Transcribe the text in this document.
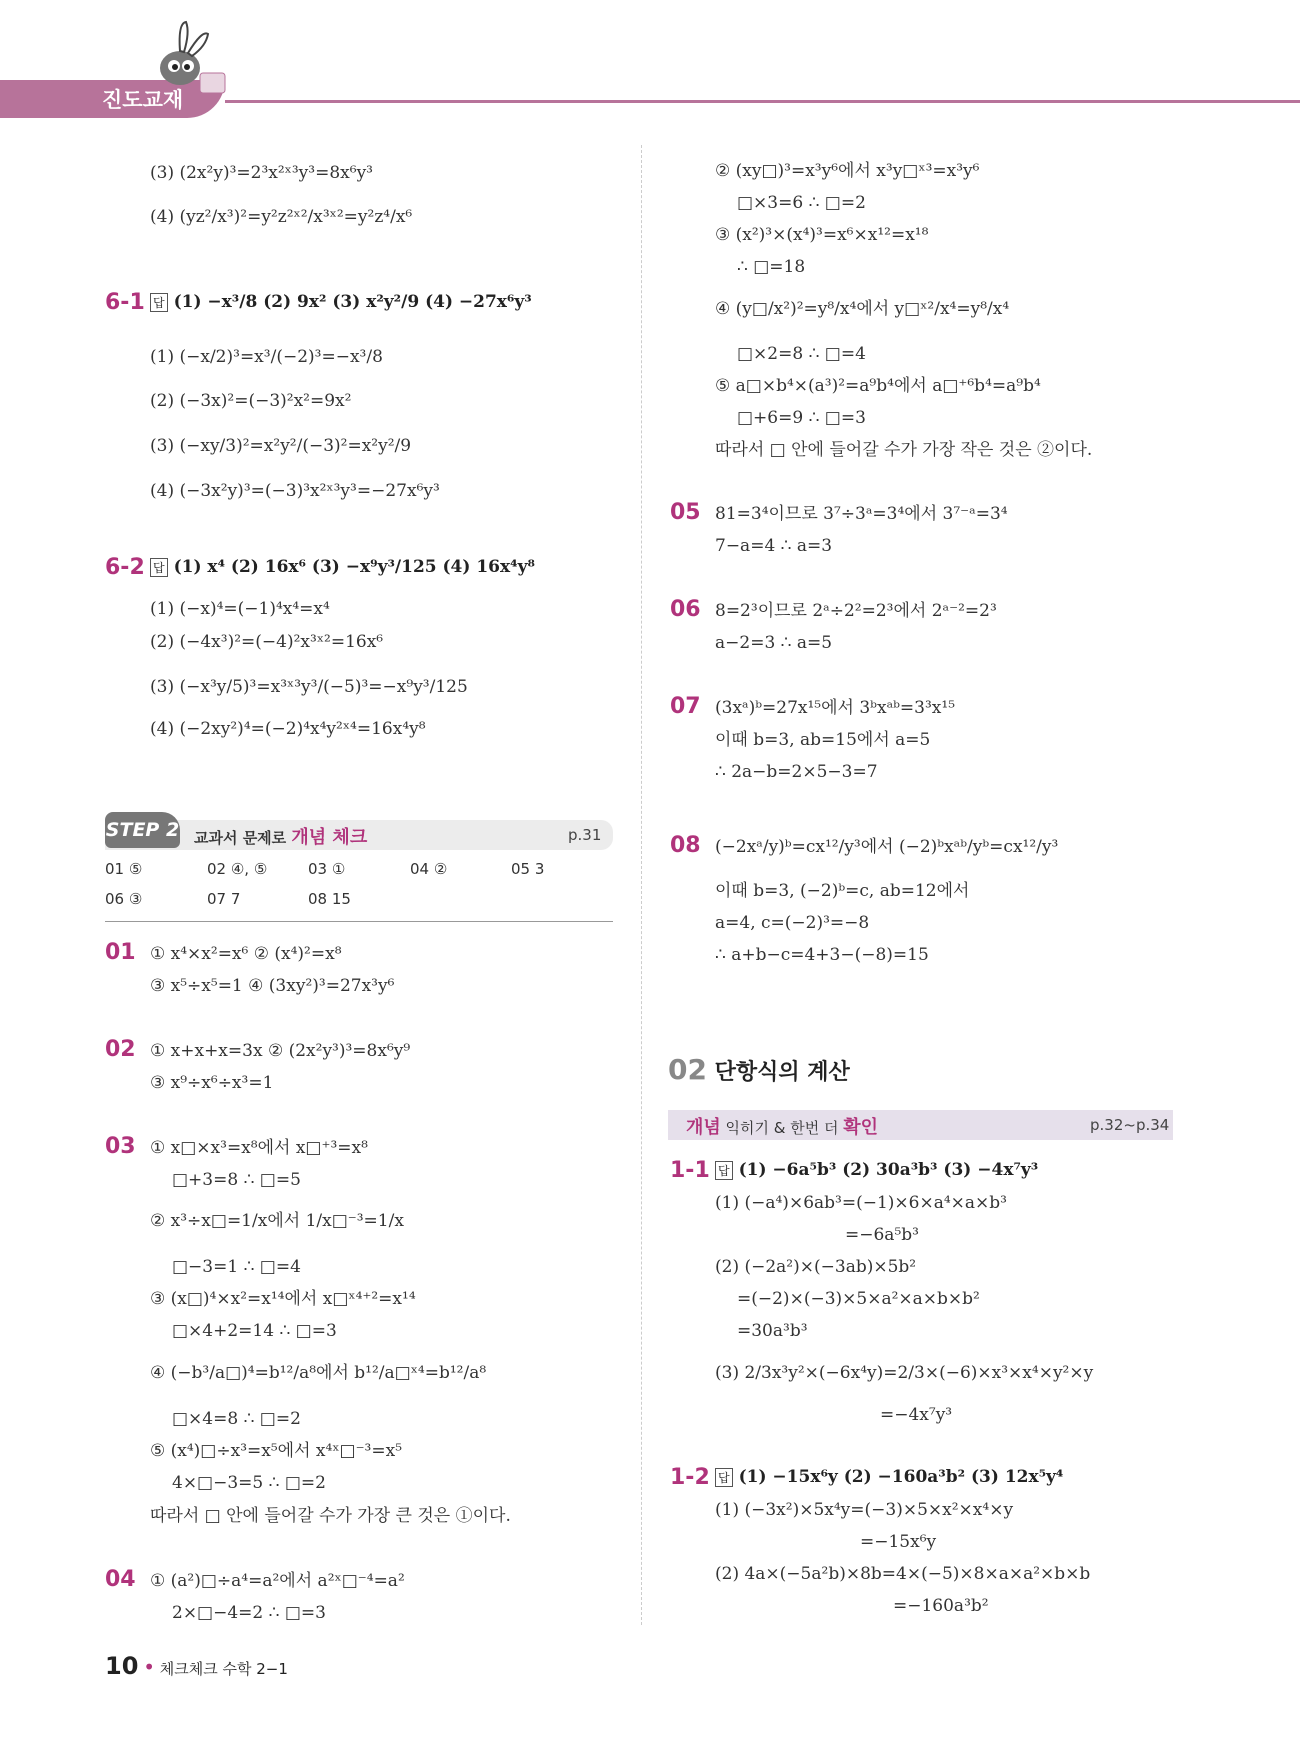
진도교재
(3) (2x²y)³=2³x²ˣ³y³=8x⁶y³
(4) (yz²/x³)²=y²z²ˣ²/x³ˣ²=y²z⁴/x⁶
6-1 답 (1) −x³/8 (2) 9x² (3) x²y²/9 (4) −27x⁶y³
(1) (−x/2)³=x³/(−2)³=−x³/8
(2) (−3x)²=(−3)²x²=9x²
(3) (−xy/3)²=x²y²/(−3)²=x²y²/9
(4) (−3x²y)³=(−3)³x²ˣ³y³=−27x⁶y³
6-2 답 (1) x⁴ (2) 16x⁶ (3) −x⁹y³/125 (4) 16x⁴y⁸
(1) (−x)⁴=(−1)⁴x⁴=x⁴
(2) (−4x³)²=(−4)²x³ˣ²=16x⁶
(3) (−x³y/5)³=x³ˣ³y³/(−5)³=−x⁹y³/125
(4) (−2xy²)⁴=(−2)⁴x⁴y²ˣ⁴=16x⁴y⁸
STEP 2 교과서 문제로 개념 체크	p.31
01 ⑤	02 ④, ⑤	03 ①	04 ②	05 3
06 ③	07 7	08 15
01 ① x⁴×x²=x⁶ ② (x⁴)²=x⁸
③ x⁵÷x⁵=1 ④ (3xy²)³=27x³y⁶
02 ① x+x+x=3x ② (2x²y³)³=8x⁶y⁹
③ x⁹÷x⁶÷x³=1
03 ① x□×x³=x⁸에서 x□⁺³=x⁸
□+3=8 ∴ □=5
② x³÷x□=1/x에서 1/x□⁻³=1/x
□−3=1 ∴ □=4
③ (x□)⁴×x²=x¹⁴에서 x□ˣ⁴⁺²=x¹⁴
□×4+2=14 ∴ □=3
④ (−b³/a□)⁴=b¹²/a⁸에서 b¹²/a□ˣ⁴=b¹²/a⁸
□×4=8 ∴ □=2
⑤ (x⁴)□÷x³=x⁵에서 x⁴ˣ□⁻³=x⁵
4×□−3=5 ∴ □=2
따라서 □ 안에 들어갈 수가 가장 큰 것은 ①이다.
04 ① (a²)□÷a⁴=a²에서 a²ˣ□⁻⁴=a²
2×□−4=2 ∴ □=3
② (xy□)³=x³y⁶에서 x³y□ˣ³=x³y⁶
□×3=6 ∴ □=2
③ (x²)³×(x⁴)³=x⁶×x¹²=x¹⁸
∴ □=18
④ (y□/x²)²=y⁸/x⁴에서 y□ˣ²/x⁴=y⁸/x⁴
□×2=8 ∴ □=4
⑤ a□×b⁴×(a³)²=a⁹b⁴에서 a□⁺⁶b⁴=a⁹b⁴
□+6=9 ∴ □=3
따라서 □ 안에 들어갈 수가 가장 작은 것은 ②이다.
05 81=3⁴이므로 3⁷÷3ᵃ=3⁴에서 3⁷⁻ᵃ=3⁴
7−a=4 ∴ a=3
06 8=2³이므로 2ᵃ÷2²=2³에서 2ᵃ⁻²=2³
a−2=3 ∴ a=5
07 (3xᵃ)ᵇ=27x¹⁵에서 3ᵇxᵃᵇ=3³x¹⁵
이때 b=3, ab=15에서 a=5
∴ 2a−b=2×5−3=7
08 (−2xᵃ/y)ᵇ=cx¹²/y³에서 (−2)ᵇxᵃᵇ/yᵇ=cx¹²/y³
이때 b=3, (−2)ᵇ=c, ab=12에서
a=4, c=(−2)³=−8
∴ a+b−c=4+3−(−8)=15
02 단항식의 계산
개념 익히기 & 한번 더 확인	p.32~p.34
1-1 답 (1) −6a⁵b³ (2) 30a³b³ (3) −4x⁷y³
(1) (−a⁴)×6ab³=(−1)×6×a⁴×a×b³
=−6a⁵b³
(2) (−2a²)×(−3ab)×5b²
=(−2)×(−3)×5×a²×a×b×b²
=30a³b³
(3) 2/3x³y²×(−6x⁴y)=2/3×(−6)×x³×x⁴×y²×y
=−4x⁷y³
1-2 답 (1) −15x⁶y (2) −160a³b² (3) 12x⁵y⁴
(1) (−3x²)×5x⁴y=(−3)×5×x²×x⁴×y
=−15x⁶y
(2) 4a×(−5a²b)×8b=4×(−5)×8×a×a²×b×b
=−160a³b²
10 • 체크체크 수학 2−1
